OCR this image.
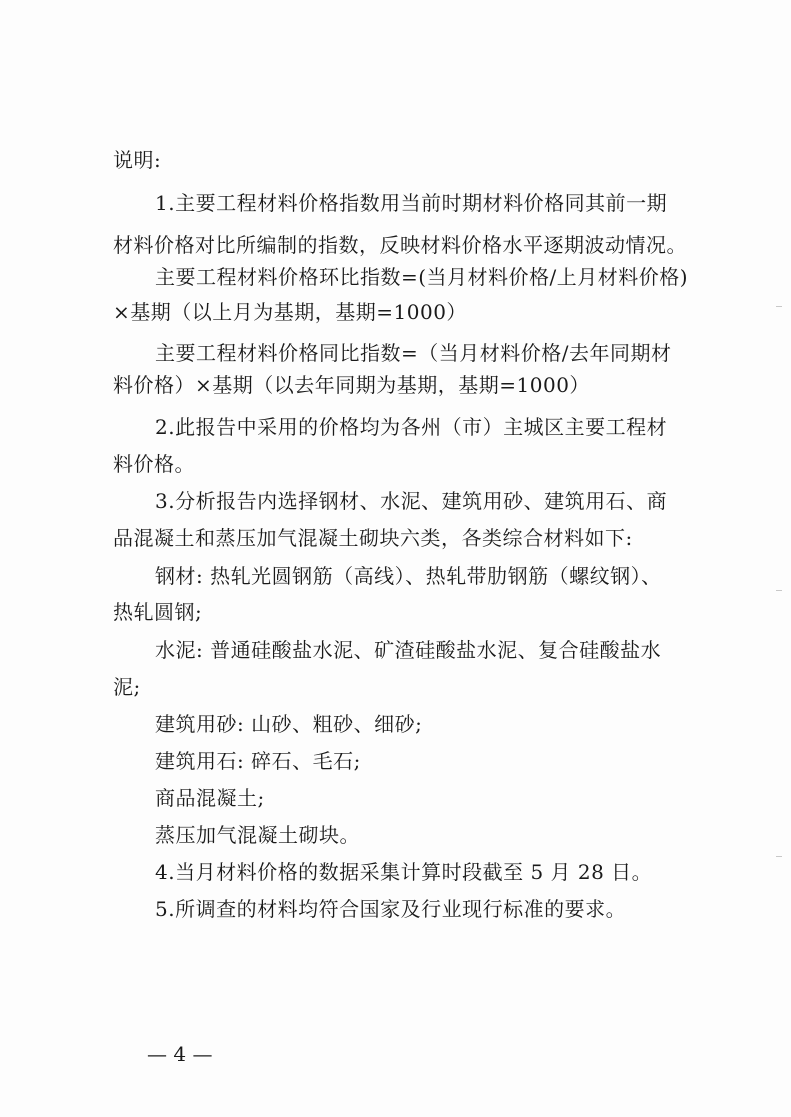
说明:
1.主要工程材料价格指数用当前时期材料价格同其前一期
材料价格对比所编制的指数，反映材料价格水平逐期波动情况。
主要工程材料价格环比指数=(当月材料价格/上月材料价格)
×基期（以上月为基期，基期=1000）
主要工程材料价格同比指数=（当月材料价格/去年同期材
料价格）×基期（以去年同期为基期，基期=1000）
2.此报告中采用的价格均为各州（市）主城区主要工程材
料价格。
3.分析报告内选择钢材、水泥、建筑用砂、建筑用石、商
品混凝土和蒸压加气混凝土砌块六类，各类综合材料如下:
钢材: 热轧光圆钢筋（高线）、热轧带肋钢筋（螺纹钢）、
热轧圆钢;
水泥: 普通硅酸盐水泥、矿渣硅酸盐水泥、复合硅酸盐水
泥;
建筑用砂: 山砂、粗砂、细砂;
建筑用石: 碎石、毛石;
商品混凝土;
蒸压加气混凝土砌块。
4.当月材料价格的数据采集计算时段截至 5 月 28 日。
5.所调查的材料均符合国家及行业现行标准的要求。
— 4 —
